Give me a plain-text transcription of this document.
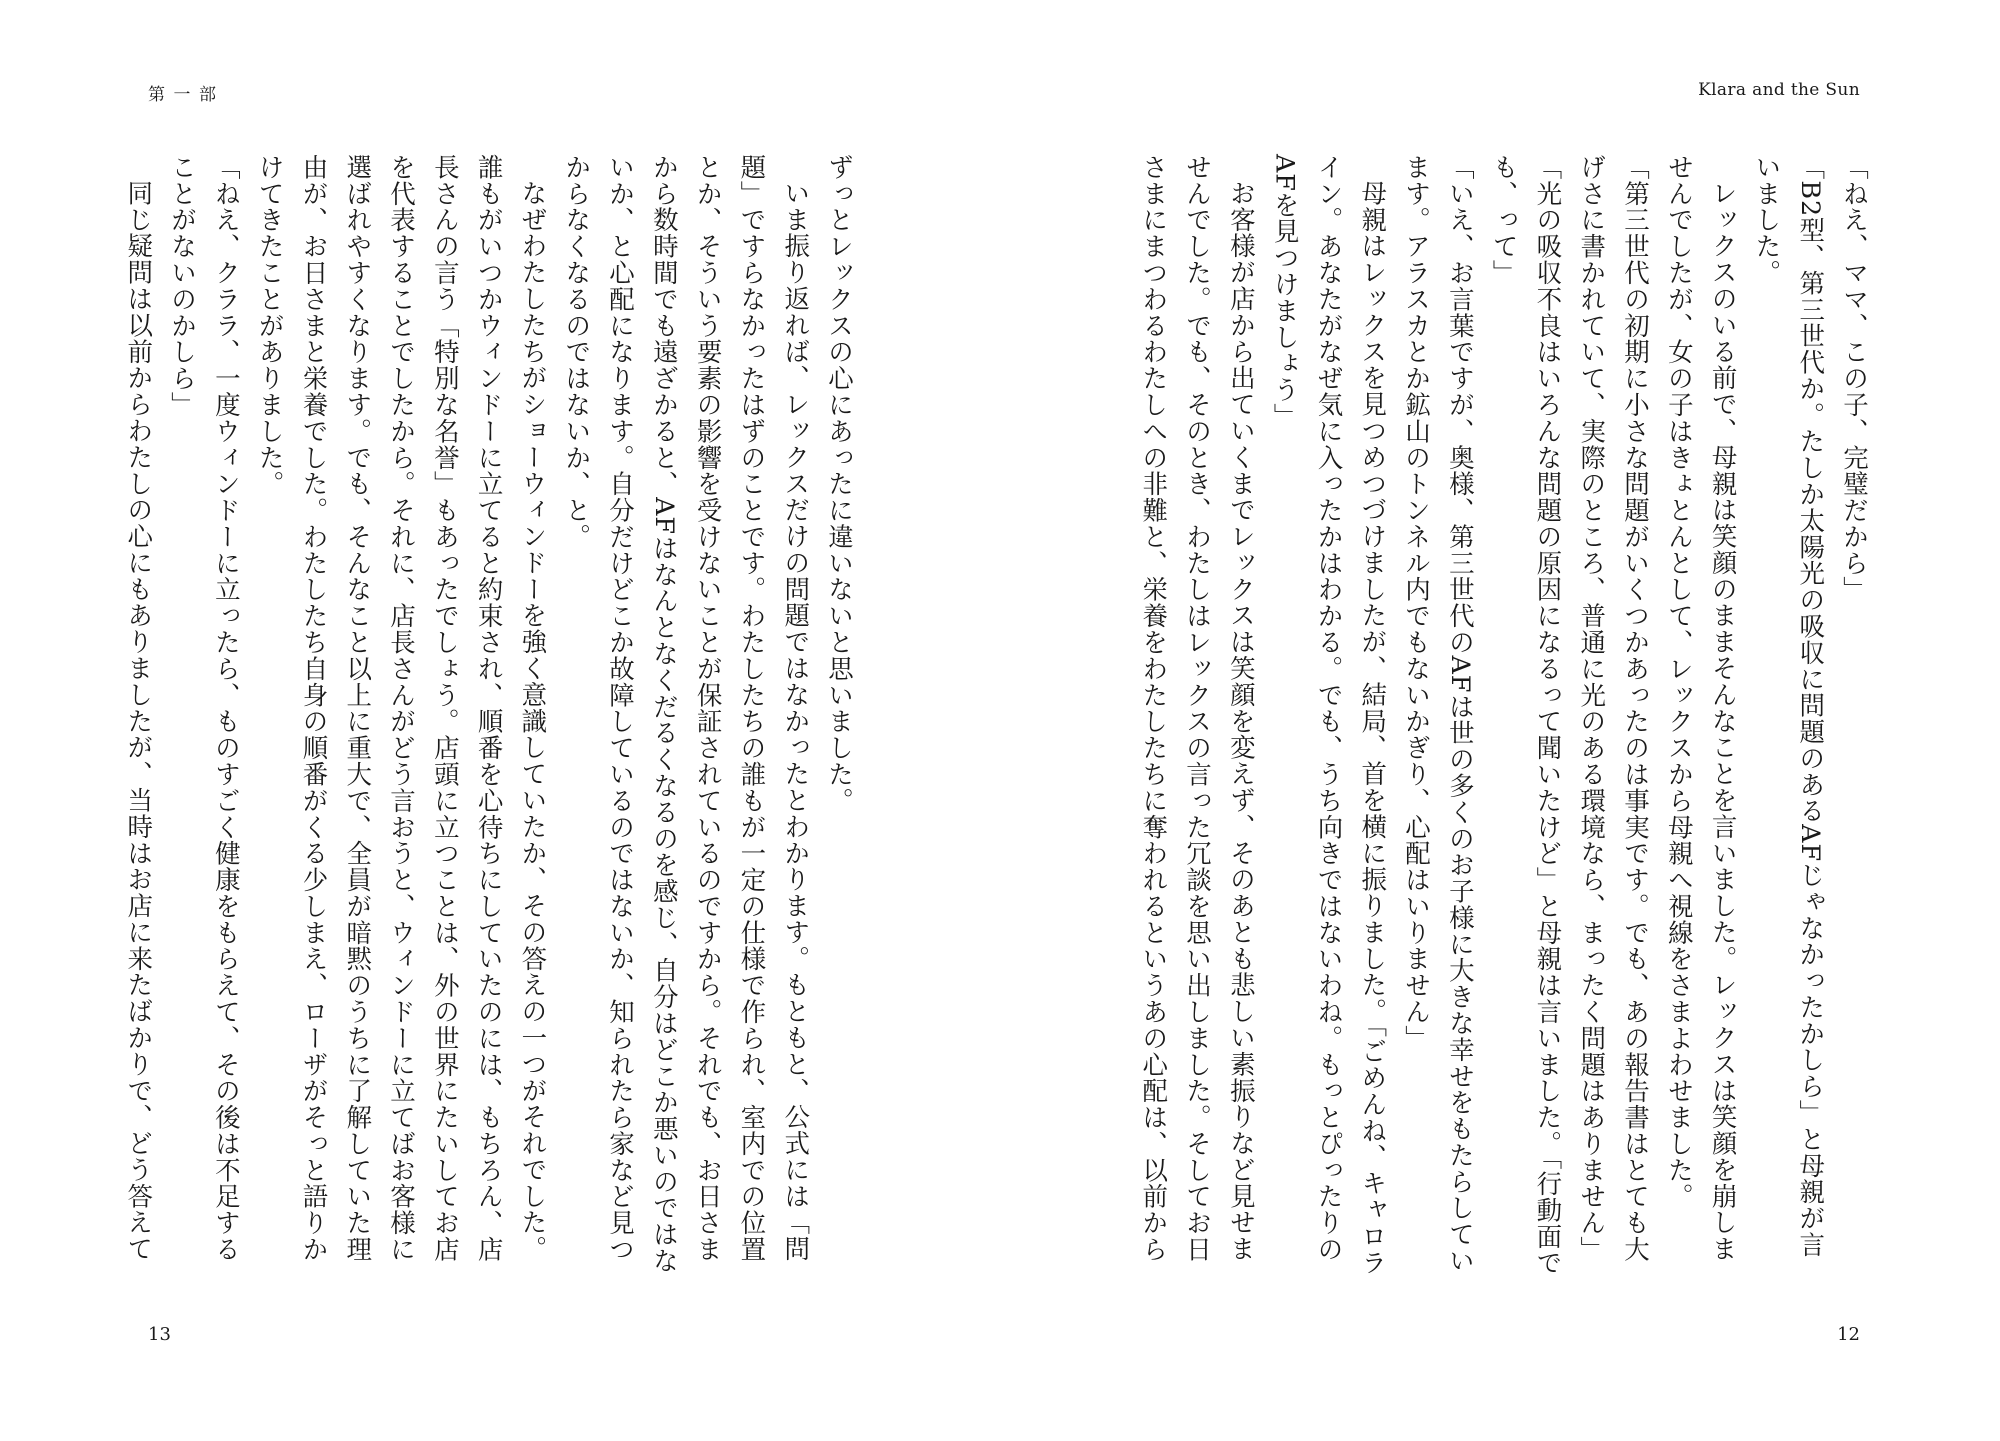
第一部

ずっとレックスの心にあったに違いないと思いました。

いま振り返れば、レックスだけの問題ではなかったとわかります。もともと、公式には「問題」ですらなかったはずのことです。わたしたちの誰もが一定の仕様で作られ、室内での位置とか、そういう要素の影響を受けないことが保証されているのですから。それでも、お日さまから数時間でも遠ざかると、AFはなんとなくだるくなるのを感じ、自分はどこか悪いのではないか、と心配になります。自分だけどこか故障しているのではないか、知られたら家など見つからなくなるのではないか、と。

なぜわたしたちがショーウィンドーを強く意識していたか、その答えの一つがそれでした。誰もがいつかウィンドーに立てると約束され、順番を心待ちにしていたのには、もちろん、店長さんの言う「特別な名誉」もあったでしょう。店頭に立つことは、外の世界にたいしてお店を代表することでしたから。それに、店長さんがどう言おうと、ウィンドーに立てばお客様に選ばれやすくなります。でも、そんなこと以上に重大で、全員が暗黙のうちに了解していた理由が、お日さまと栄養でした。わたしたち自身の順番がくる少しまえ、ローザがそっと語りかけてきたことがありました。

「ねえ、クララ、一度ウィンドーに立ったら、ものすごく健康をもらえて、その後は不足することがないのかしら」

同じ疑問は以前からわたしの心にもありましたが、当時はお店に来たばかりで、どう答えて

13
Klara and the Sun

「ねえ、ママ、この子、完璧だから」

「B2型、第三世代か。たしか太陽光の吸収に問題のあるAFじゃなかったかしら」と母親が言いました。

レックスのいる前で、母親は笑顔のままそんなことを言いました。レックスは笑顔を崩しませんでしたが、女の子はきょとんとして、レックスから母親へ視線をさまよわせました。

「第三世代の初期に小さな問題がいくつかあったのは事実です。でも、あの報告書はとても大げさに書かれていて、実際のところ、普通に光のある環境なら、まったく問題はありません」

「光の吸収不良はいろんな問題の原因になるって聞いたけど」と母親は言いました。「行動面でも、って」

「いえ、お言葉ですが、奥様、第三世代のAFは世の多くのお子様に大きな幸せをもたらしています。アラスカとか鉱山のトンネル内でもないかぎり、心配はいりません」

母親はレックスを見つめつづけましたが、結局、首を横に振りました。「ごめんね、キャロライン。あなたがなぜ気に入ったかはわかる。でも、うち向きではないわね。もっとぴったりのAFを見つけましょう」

お客様が店から出ていくまでレックスは笑顔を変えず、そのあとも悲しい素振りなど見せませんでした。でも、そのとき、わたしはレックスの言った冗談を思い出しました。そしてお日さまにまつわるわたしへの非難と、栄養をわたしたちに奪われるというあの心配は、以前から

12
